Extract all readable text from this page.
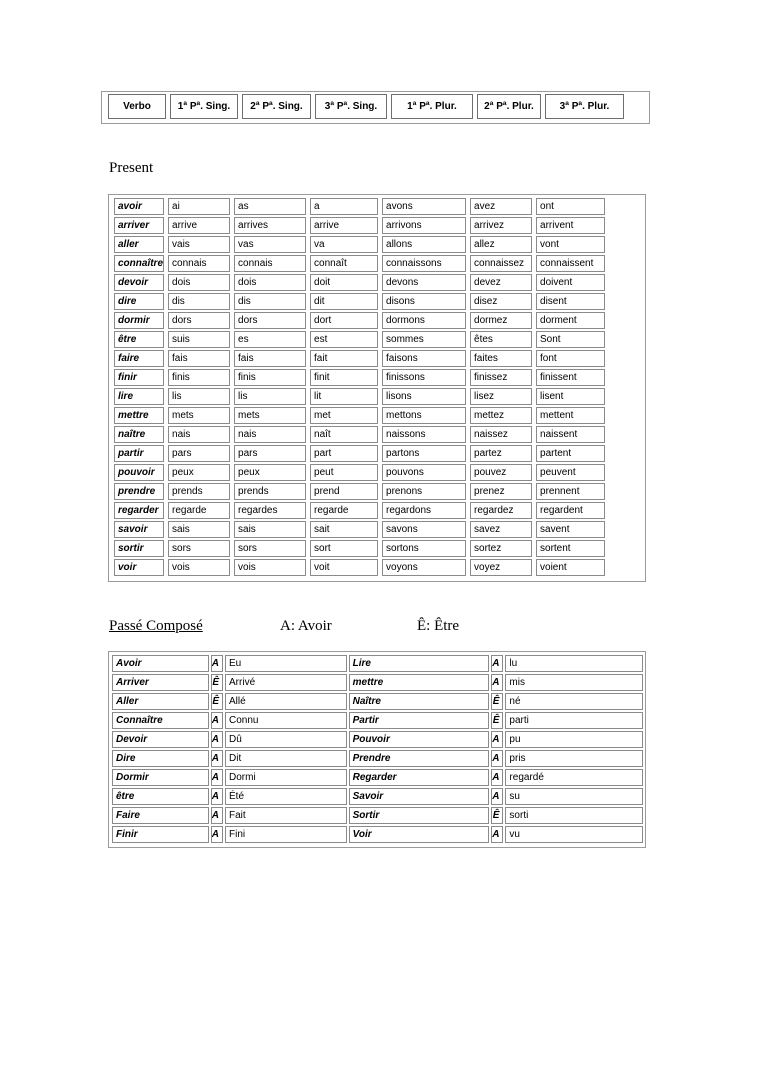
Verbo	1ª Pª. Sing.	2ª Pª. Sing.	3ª Pª. Sing.	1ª Pª. Plur.	2ª Pª. Plur.	3ª Pª. Plur.
Present
avoir	ai	as	a	avons	avez	ont
arriver	arrive	arrives	arrive	arrivons	arrivez	arrivent
aller	vais	vas	va	allons	allez	vont
connaître	connais	connais	connaît	connaissons	connaissez	connaissent
devoir	dois	dois	doit	devons	devez	doivent
dire	dis	dis	dit	disons	disez	disent
dormir	dors	dors	dort	dormons	dormez	dorment
être	suis	es	est	sommes	êtes	Sont
faire	fais	fais	fait	faisons	faites	font
finir	finis	finis	finit	finissons	finissez	finissent
lire	lis	lis	lit	lisons	lisez	lisent
mettre	mets	mets	met	mettons	mettez	mettent
naître	nais	nais	naît	naissons	naissez	naissent
partir	pars	pars	part	partons	partez	partent
pouvoir	peux	peux	peut	pouvons	pouvez	peuvent
prendre	prends	prends	prend	prenons	prenez	prennent
regarder	regarde	regardes	regarde	regardons	regardez	regardent
savoir	sais	sais	sait	savons	savez	savent
sortir	sors	sors	sort	sortons	sortez	sortent
voir	vois	vois	voit	voyons	voyez	voient
Passé Composé	A: Avoir	Ê: Être
Avoir	A	Eu	Lire	A	lu
Arriver	Ê	Arrivé	mettre	A	mis
Aller	Ê	Allé	Naître	Ê	né
Connaître	A	Connu	Partir	Ê	parti
Devoir	A	Dû	Pouvoir	A	pu
Dire	A	Dit	Prendre	A	pris
Dormir	A	Dormi	Regarder	A	regardé
être	A	Été	Savoir	A	su
Faire	A	Fait	Sortir	Ê	sorti
Finir	A	Fini	Voir	A	vu
